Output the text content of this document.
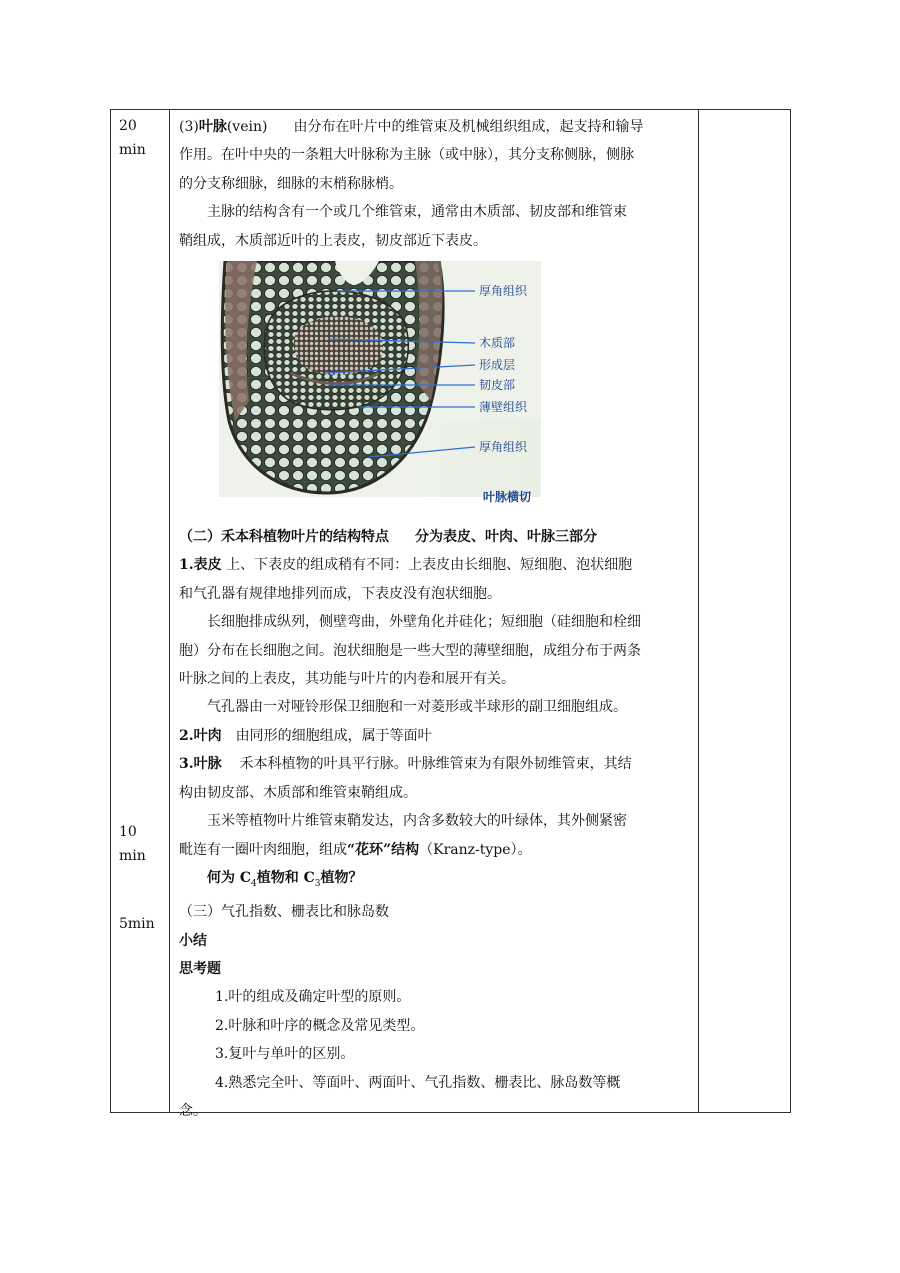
20
min
10
min
5min

(3)叶脉(vein) 由分布在叶片中的维管束及机械组织组成，起支持和输导

作用。在叶中央的一条粗大叶脉称为主脉（或中脉），其分支称侧脉，侧脉

的分支称细脉，细脉的末梢称脉梢。

主脉的结构含有一个或几个维管束，通常由木质部、韧皮部和维管束

鞘组成，木质部近叶的上表皮，韧皮部近下表皮。

厚角组织
木质部
形成层
韧皮部
薄壁组织
厚角组织
叶脉横切

（二）禾本科植物叶片的结构特点 分为表皮、叶肉、叶脉三部分

1.表皮 上、下表皮的组成稍有不同：上表皮由长细胞、短细胞、泡状细胞

和气孔器有规律地排列而成，下表皮没有泡状细胞。

长细胞排成纵列，侧壁弯曲，外壁角化并硅化；短细胞（硅细胞和栓细

胞）分布在长细胞之间。泡状细胞是一些大型的薄壁细胞，成组分布于两条

叶脉之间的上表皮，其功能与叶片的内卷和展开有关。

气孔器由一对哑铃形保卫细胞和一对菱形或半球形的副卫细胞组成。

2.叶肉 由同形的细胞组成，属于等面叶

3.叶脉 禾本科植物的叶具平行脉。叶脉维管束为有限外韧维管束，其结

构由韧皮部、木质部和维管束鞘组成。

玉米等植物叶片维管束鞘发达，内含多数较大的叶绿体，其外侧紧密

毗连有一圈叶肉细胞，组成“花环”结构（Kranz-type）。

何为 $C_4$植物和 $C_3$植物？

（三）气孔指数、栅表比和脉岛数

小结

思考题

1.叶的组成及确定叶型的原则。

2.叶脉和叶序的概念及常见类型。

3.复叶与单叶的区别。

4.熟悉完全叶、等面叶、两面叶、气孔指数、栅表比、脉岛数等概

念。
